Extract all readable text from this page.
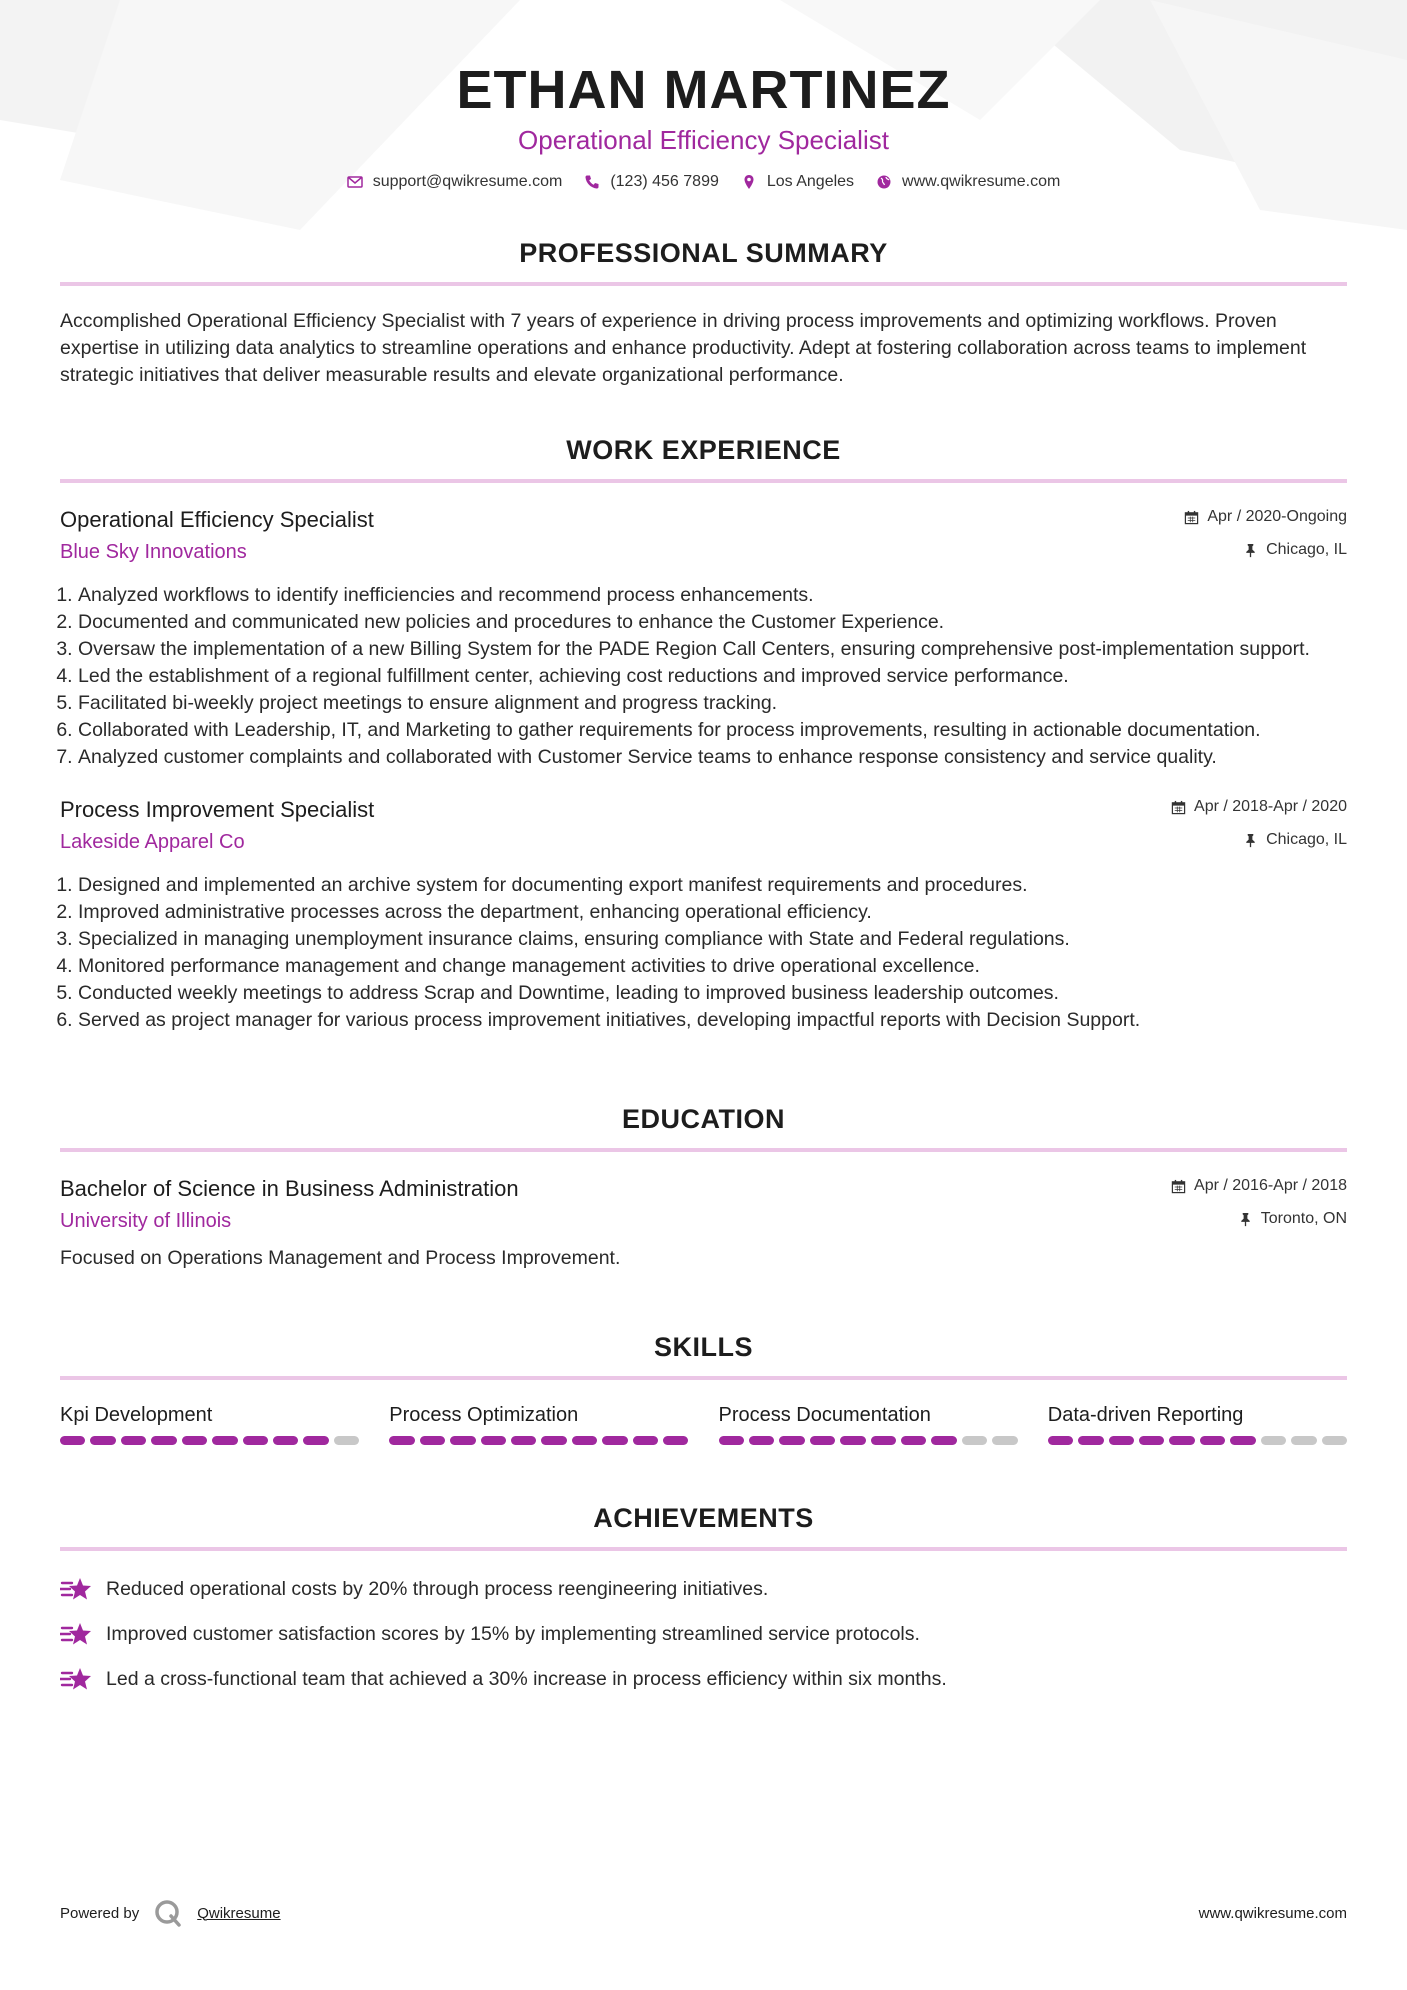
ETHAN MARTINEZ
Operational Efficiency Specialist
support@qwikresume.com	(123) 456 7899	Los Angeles	www.qwikresume.com
PROFESSIONAL SUMMARY
Accomplished Operational Efficiency Specialist with 7 years of experience in driving process improvements and optimizing workflows. Proven expertise in utilizing data analytics to streamline operations and enhance productivity. Adept at fostering collaboration across teams to implement strategic initiatives that deliver measurable results and elevate organizational performance.
WORK EXPERIENCE
Operational Efficiency Specialist
Blue Sky Innovations
Apr / 2020-Ongoing
Chicago, IL
1. Analyzed workflows to identify inefficiencies and recommend process enhancements.
2. Documented and communicated new policies and procedures to enhance the Customer Experience.
3. Oversaw the implementation of a new Billing System for the PADE Region Call Centers, ensuring comprehensive post-implementation support.
4. Led the establishment of a regional fulfillment center, achieving cost reductions and improved service performance.
5. Facilitated bi-weekly project meetings to ensure alignment and progress tracking.
6. Collaborated with Leadership, IT, and Marketing to gather requirements for process improvements, resulting in actionable documentation.
7. Analyzed customer complaints and collaborated with Customer Service teams to enhance response consistency and service quality.
Process Improvement Specialist
Lakeside Apparel Co
Apr / 2018-Apr / 2020
Chicago, IL
1. Designed and implemented an archive system for documenting export manifest requirements and procedures.
2. Improved administrative processes across the department, enhancing operational efficiency.
3. Specialized in managing unemployment insurance claims, ensuring compliance with State and Federal regulations.
4. Monitored performance management and change management activities to drive operational excellence.
5. Conducted weekly meetings to address Scrap and Downtime, leading to improved business leadership outcomes.
6. Served as project manager for various process improvement initiatives, developing impactful reports with Decision Support.
EDUCATION
Bachelor of Science in Business Administration
University of Illinois
Apr / 2016-Apr / 2018
Toronto, ON
Focused on Operations Management and Process Improvement.
SKILLS
Kpi Development	Process Optimization	Process Documentation	Data-driven Reporting
ACHIEVEMENTS
Reduced operational costs by 20% through process reengineering initiatives.
Improved customer satisfaction scores by 15% by implementing streamlined service protocols.
Led a cross-functional team that achieved a 30% increase in process efficiency within six months.
Powered by	Qwikresume	www.qwikresume.com
